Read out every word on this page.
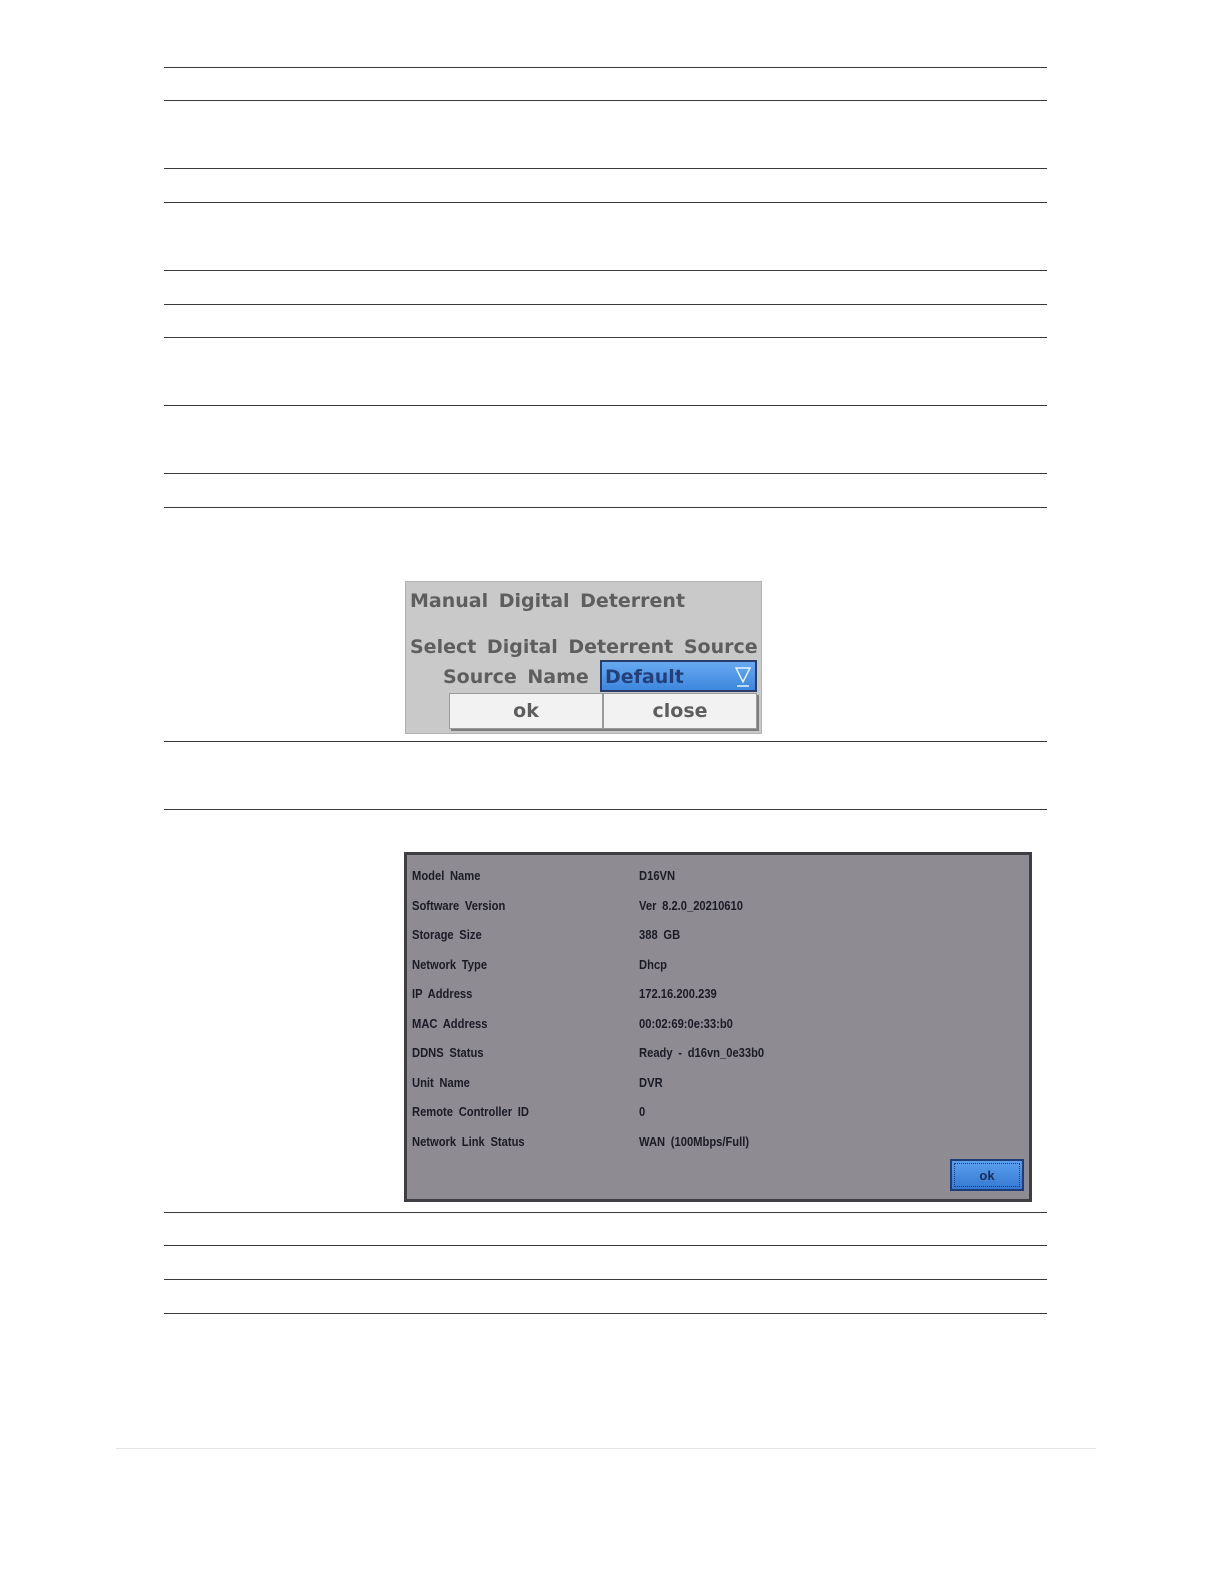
Manual Digital Deterrent
Select Digital Deterrent Source
Source Name Default
ok	close
Model Name	D16VN
Software Version	Ver 8.2.0_20210610
Storage Size	388 GB
Network Type	Dhcp
IP Address	172.16.200.239
MAC Address	00:02:69:0e:33:b0
DDNS Status	Ready - d16vn_0e33b0
Unit Name	DVR
Remote Controller ID	0
Network Link Status	WAN (100Mbps/Full)
ok
